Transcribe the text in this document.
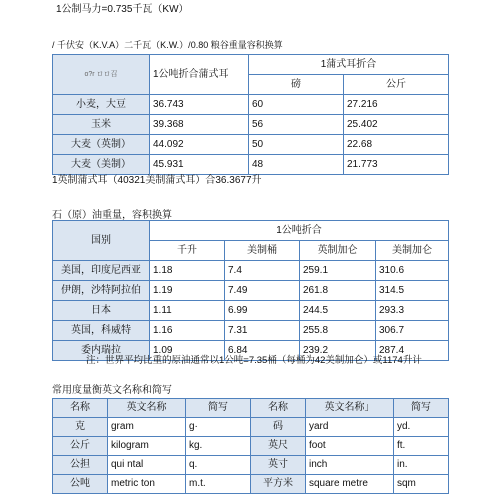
1公制马力=0.735千瓦（KW）
/ 千伏安（K.V.A）二千瓦（K.W.）/0.80 粮谷重量容积换算
o?r ロロ召	1公吨折合蒲式耳	1蒲式耳折合	
		磅	公斤
小麦，大豆	36.743	60	27.216
玉米	39.368	56	25.402
大麦（英制）	44.092	50	22.68
大麦（美制）	45.931	48	21.773
1英制蒲式耳（40321美制蒲式耳）合36.3677升
石（原）油重量，容积换算
国别	1公吨折合			
	千升	美制桶	英制加仑	美制加仑
美国，印度尼西亚	1.18	7.4	259.1	310.6
伊朗，沙特阿拉伯	1.19	7.49	261.8	314.5
日本	1.11	6.99	244.5	293.3
英国，科威特	1.16	7.31	255.8	306.7
委内瑞拉	1.09	6.84	239.2	287.4
注：世界平均比重的原油通常以1公吨=7.35桶（每桶为42美制加仑）或1174升计
常用度量衡英文名称和简写
名称	英文名称	简写	名称	英文名称」	简写
克	gram	g·	码	yard	yd.
公斤	kilogram	kg.	英尺	foot	ft.
公担	qui ntal	q.	英寸	inch	in.
公吨	metric ton	m.t.	平方米	square metre	sqm
